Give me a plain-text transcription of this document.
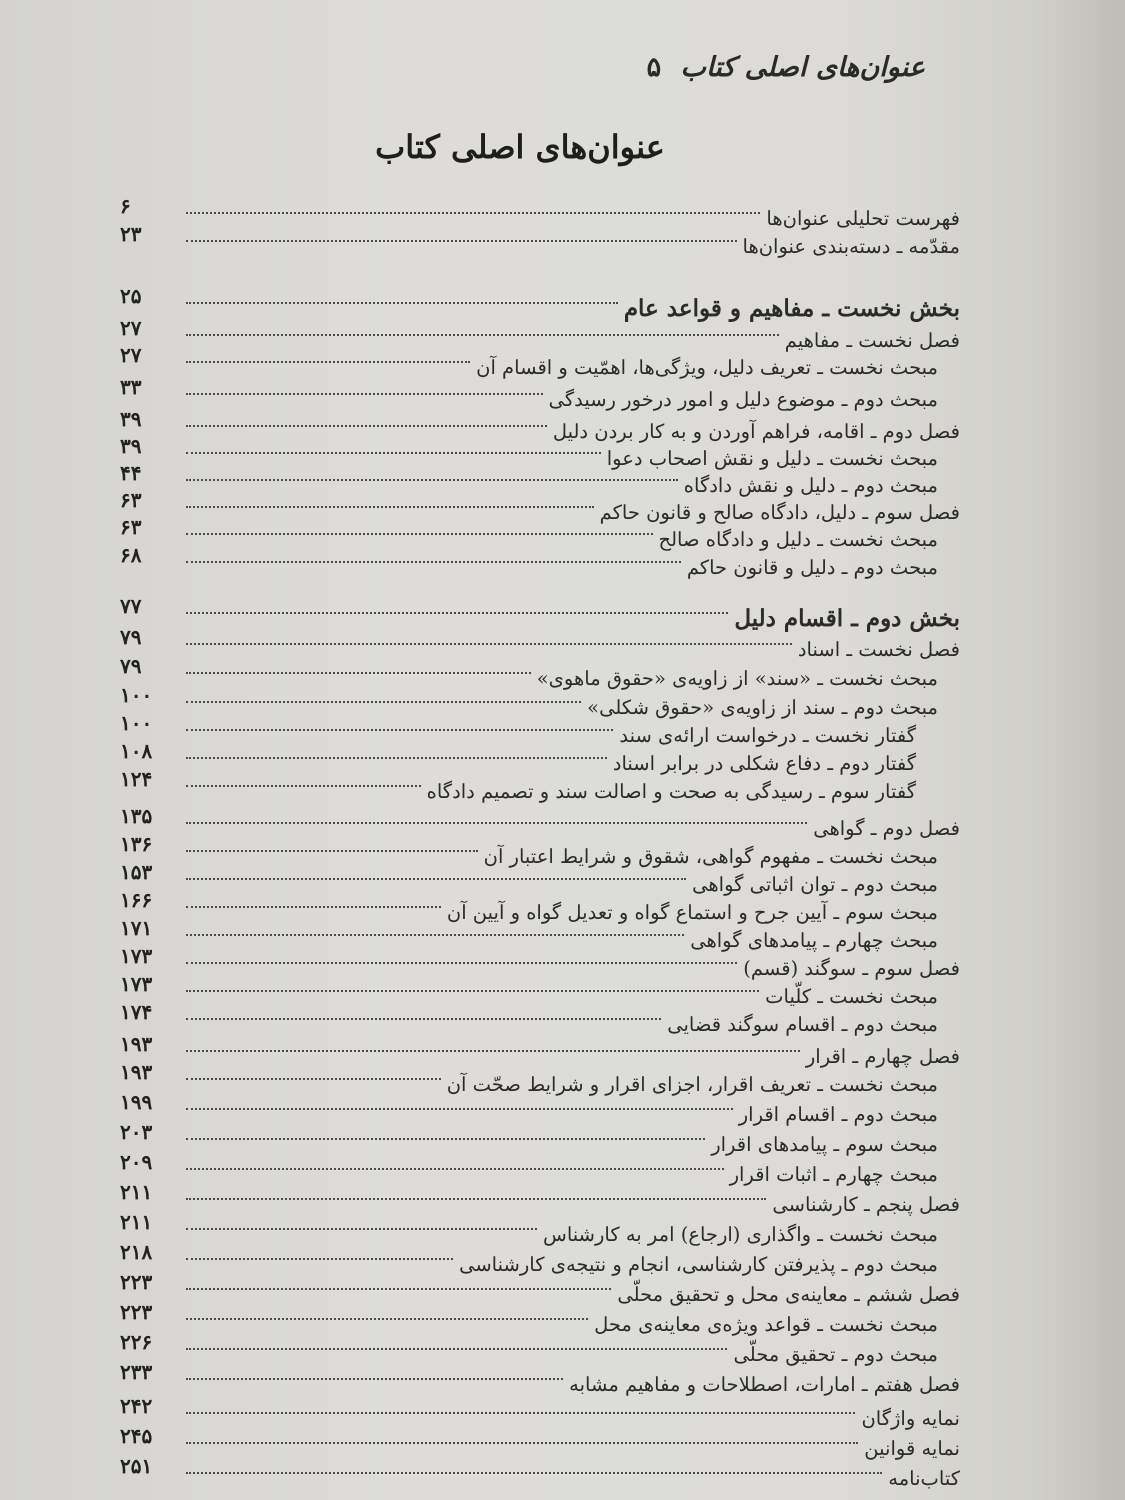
عنوان‌های اصلی کتاب ۵
عنوان‌های اصلی کتاب
فهرست تحلیلی عنوان‌ها
۶
مقدّمه ـ دسته‌بندی عنوان‌ها
۲۳
بخش نخست ـ مفاهیم و قواعد عام
۲۵
فصل نخست ـ مفاهیم
۲۷
مبحث نخست ـ تعریف دلیل، ویژگی‌ها، اهمّیت و اقسام آن
۲۷
مبحث دوم ـ موضوع دلیل و امور درخور رسیدگی
۳۳
فصل دوم ـ اقامه، فراهم آوردن و به کار بردن دلیل
۳۹
مبحث نخست ـ دلیل و نقش اصحاب دعوا
۳۹
مبحث دوم ـ دلیل و نقش دادگاه
۴۴
فصل سوم ـ دلیل، دادگاه صالح و قانون حاکم
۶۳
مبحث نخست ـ دلیل و دادگاه صالح
۶۳
مبحث دوم ـ دلیل و قانون حاکم
۶۸
بخش دوم ـ اقسام دلیل
۷۷
فصل نخست ـ اسناد
۷۹
مبحث نخست ـ «سند» از زاویه‌ی «حقوق ماهوی»
۷۹
مبحث دوم ـ سند از زاویه‌ی «حقوق شکلی»
۱۰۰
گفتار نخست ـ درخواست ارائه‌ی سند
۱۰۰
گفتار دوم ـ دفاع شکلی در برابر اسناد
۱۰۸
گفتار سوم ـ رسیدگی به صحت و اصالت سند و تصمیم دادگاه
۱۲۴
فصل دوم ـ گواهی
۱۳۵
مبحث نخست ـ مفهوم گواهی، شقوق و شرایط اعتبار آن
۱۳۶
مبحث دوم ـ توان اثباتی گواهی
۱۵۳
مبحث سوم ـ آیین جرح و استماع گواه و تعدیل گواه و آیین آن
۱۶۶
مبحث چهارم ـ پیامدهای گواهی
۱۷۱
فصل سوم ـ سوگند (قسم)
۱۷۳
مبحث نخست ـ کلّیات
۱۷۳
مبحث دوم ـ اقسام سوگند قضایی
۱۷۴
فصل چهارم ـ اقرار
۱۹۳
مبحث نخست ـ تعریف اقرار، اجزای اقرار و شرایط صحّت آن
۱۹۳
مبحث دوم ـ اقسام اقرار
۱۹۹
مبحث سوم ـ پیامدهای اقرار
۲۰۳
مبحث چهارم ـ اثبات اقرار
۲۰۹
فصل پنجم ـ کارشناسی
۲۱۱
مبحث نخست ـ واگذاری (ارجاع) امر به کارشناس
۲۱۱
مبحث دوم ـ پذیرفتن کارشناسی، انجام و نتیجه‌ی کارشناسی
۲۱۸
فصل ششم ـ معاینه‌ی محل و تحقیق محلّی
۲۲۳
مبحث نخست ـ قواعد ویژه‌ی معاینه‌ی محل
۲۲۳
مبحث دوم ـ تحقیق محلّی
۲۲۶
فصل هفتم ـ امارات، اصطلاحات و مفاهیم مشابه
۲۳۳
نمایه واژگان
۲۴۲
نمایه قوانین
۲۴۵
کتاب‌نامه
۲۵۱
